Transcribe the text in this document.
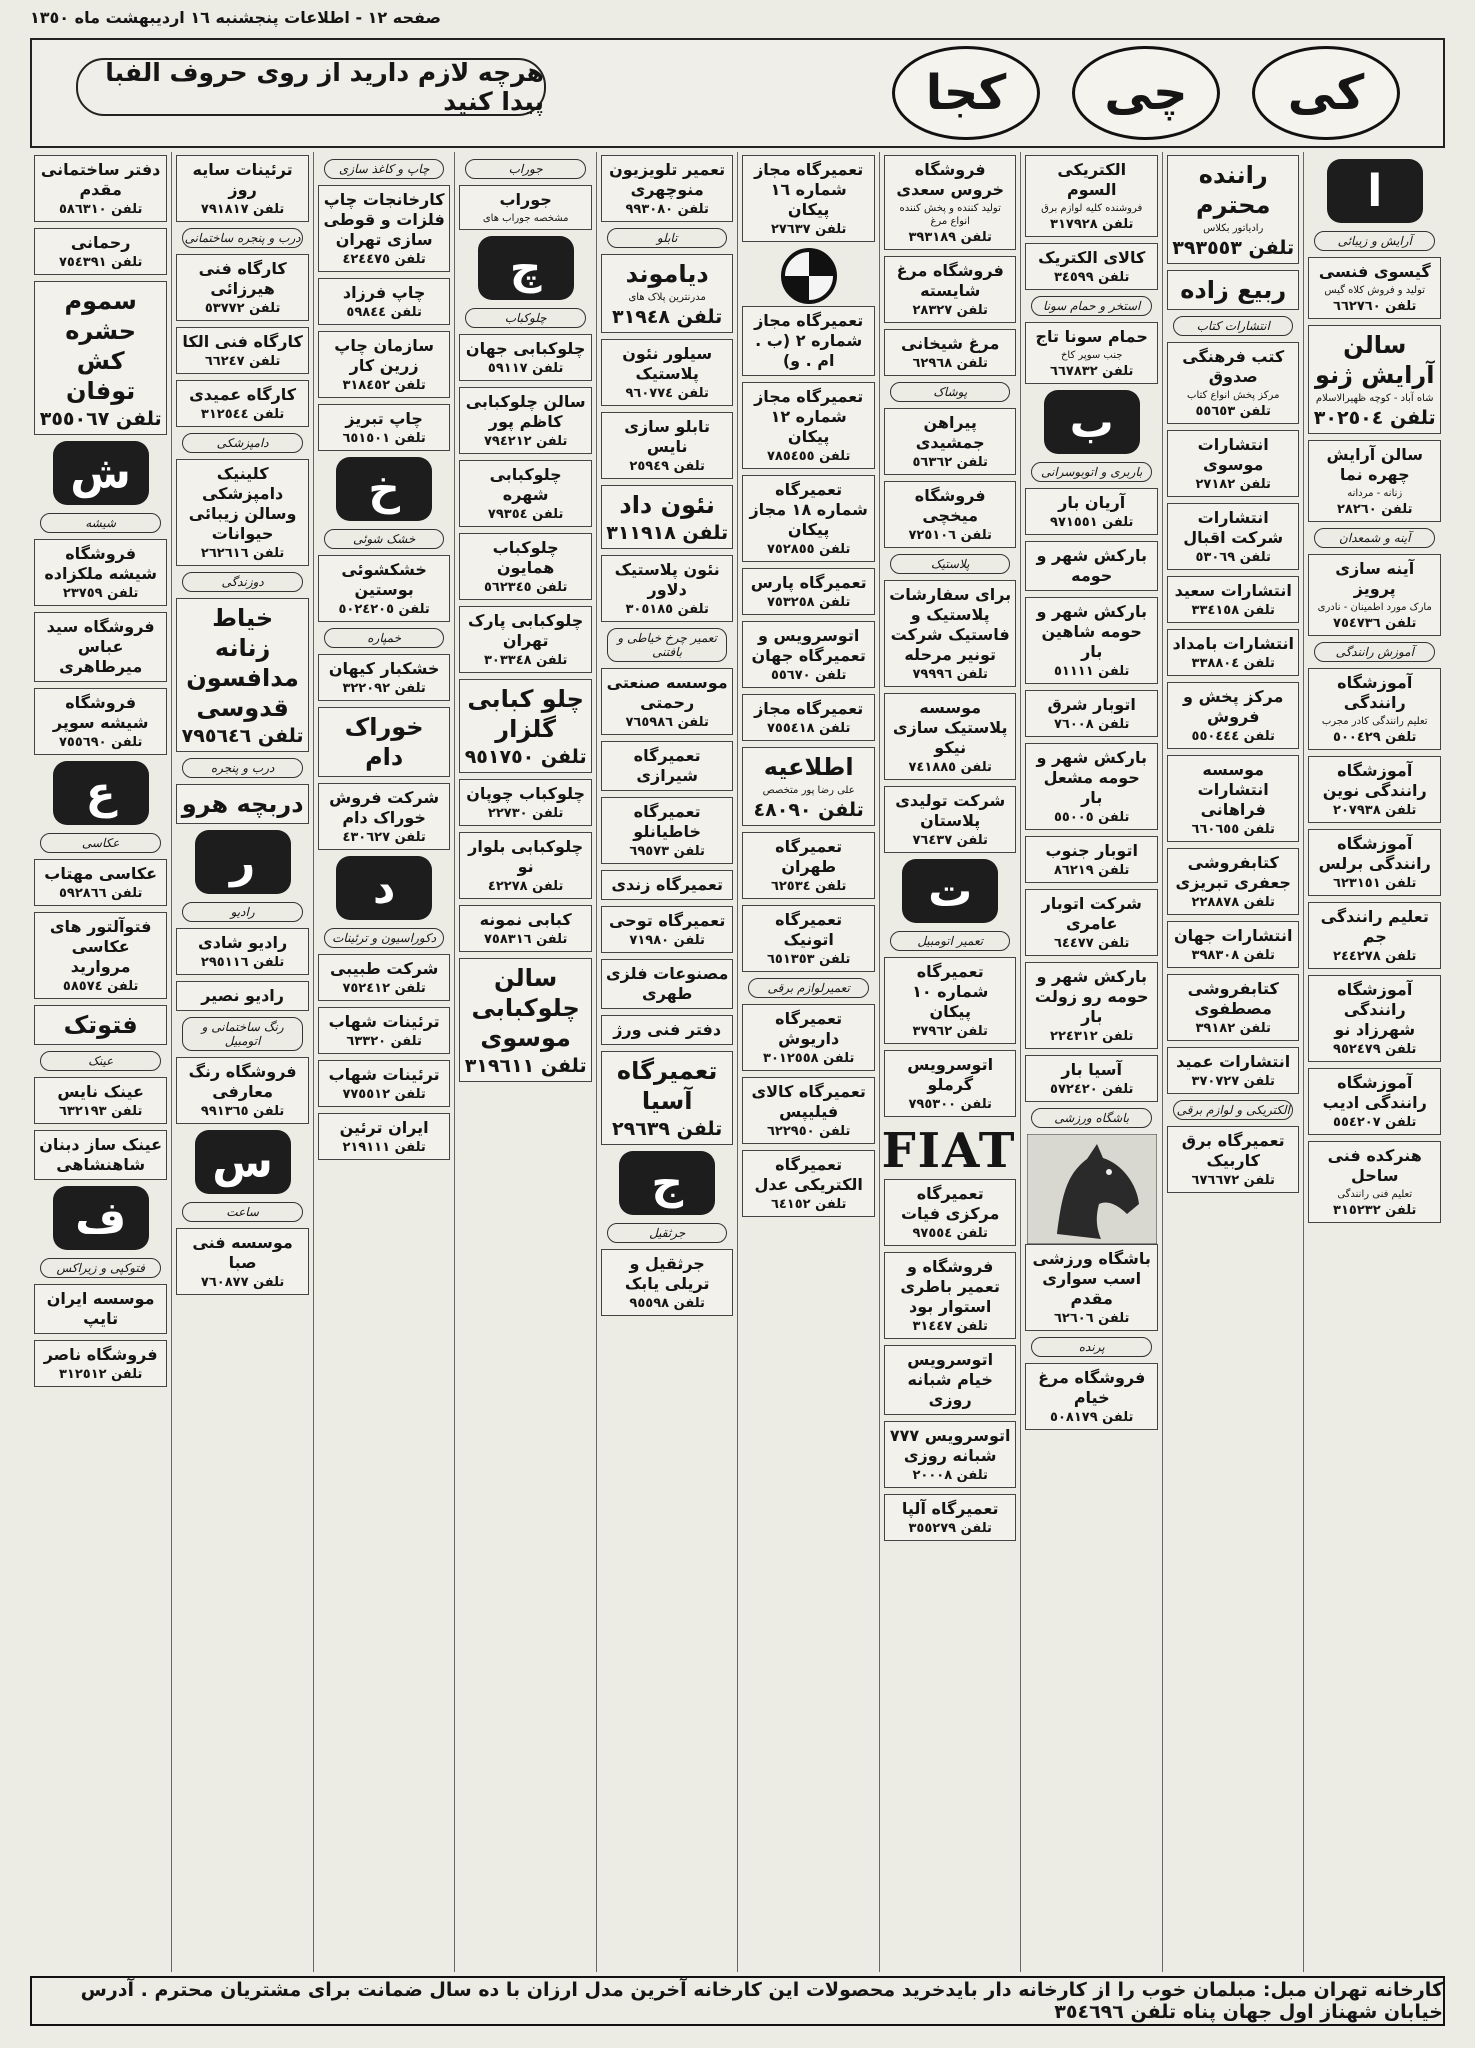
صفحه ١٢ - اطلاعات پنجشنبه ١٦ اردیبهشت ماه ١٣٥٠
کی
چی
کجا
هرچه لازم دارید از روی حروف الفبا پیدا کنید
ا
آرایش و زیبائی
گیسوی فنسی
تولید و فروش کلاه گیس
تلفن ٦٦٢٧٦٠
سالن آرایش ژنو
شاه آباد - کوچه ظهیرالاسلام
تلفن ٣٠٢٥٠٤
سالن آرایش چهره نما
زنانه - مردانه
تلفن ٢٨٢٦٠
آینه و شمعدان
آینه سازی پرویز
مارک مورد اطمینان - نادری
تلفن ٧٥٤٧٣٦
آموزش رانندگی
آموزشگاه رانندگی
تعلیم رانندگی کادر مجرب
تلفن ٥٠٠٤٢٩
آموزشگاه رانندگی نوین
تلفن ٢٠٧٩٣٨
آموزشگاه رانندگی برلس
تلفن ٦٢٣١٥١
تعلیم رانندگی جم
تلفن ٢٤٤٢٧٨
آموزشگاه رانندگی شهرزاد نو
تلفن ٩٥٢٤٧٩
آموزشگاه رانندگی ادیب
تلفن ٥٥٤٢٠٧
هنرکده فنی ساحل
تعلیم فنی رانندگی
تلفن ٣١٥٢٣٢
راننده محترم
رادیاتور بکلاس
تلفن ٣٩٣٥٥٣
ربیع زاده
انتشارات کتاب
کتب فرهنگی صدوق
مرکز پخش انواع کتاب
تلفن ٥٥٦٥٣
انتشارات موسوی
تلفن ٢٧١٨٢
انتشارات شرکت اقبال
تلفن ٥٣٠٦٩
انتشارات سعید
تلفن ٣٣٤١٥٨
انتشارات بامداد
تلفن ٣٣٨٨٠٤
مرکز پخش و فروش
تلفن ٥٥٠٤٤٤
موسسه انتشارات فراهانی
تلفن ٦٦٠٦٥٥
کتابفروشی جعفری تبریزی
تلفن ٢٢٨٨٧٨
انتشارات جهان
تلفن ٣٩٨٣٠٨
کتابفروشی مصطفوی
تلفن ٣٩١٨٢
انتشارات عمید
تلفن ٣٧٠٧٢٧
الکتریکی و لوازم برقی
تعمیرگاه برق کاربیک
تلفن ٦٧٦٦٧٢
الکتریکی السوم
فروشنده کلیه لوازم برق
تلفن ٣١٧٩٢٨
کالای الکتریک
تلفن ٣٤٥٩٩
استخر و حمام سونا
حمام سونا تاج
جنب سوپر کاخ
تلفن ٦٦٧٨٣٢
ب
باربری و اتوبوسرانی
آریان بار
تلفن ٩٧١٥٥١
بارکش شهر و حومه
بارکش شهر و حومه شاهین بار
تلفن ٥١١١١
اتوبار شرق
تلفن ٧٦٠٠٨
بارکش شهر و حومه مشعل بار
تلفن ٥٥٠٠٥
اتوبار جنوب
تلفن ٨٦٢١٩
شرکت اتوبار عامری
تلفن ٦٤٤٧٧
بارکش شهر و حومه رو زولت بار
تلفن ٢٢٤٣١٢
آسیا بار
تلفن ٥٧٢٤٢٠
باشگاه ورزشی
باشگاه ورزشی اسب سواری مقدم
تلفن ٦٢٦٠٦
پرنده
فروشگاه مرغ خیام
تلفن ٥٠٨١٧٩
فروشگاه خروس سعدی
تولید کننده و پخش کننده انواع مرغ
تلفن ٣٩٣١٨٩
فروشگاه مرغ شایسته
تلفن ٢٨٣٢٧
مرغ شیخانی
تلفن ٦٢٩٦٨
پوشاک
پیراهن جمشیدی
تلفن ٥٦٣٦٢
فروشگاه میخچی
تلفن ٧٢٥١٠٦
پلاستیک
برای سفارشات پلاستیک و فاستیک شرکت تونیر مرحله
تلفن ٧٩٩٩٦
موسسه پلاستیک سازی نیکو
تلفن ٧٤١٨٨٥
شرکت تولیدی پلاستان
تلفن ٧٦٤٣٧
ت
تعمیر اتومبیل
تعمیرگاه شماره ١٠ پیکان
تلفن ٣٧٩٦٢
اتوسرویس گرملو
تلفن ٧٩٥٣٠٠
FIAT
تعمیرگاه مرکزی فیات
تلفن ٩٧٥٥٤
فروشگاه و تعمیر باطری استوار بود
تلفن ٣١٤٤٧
اتوسرویس خیام شبانه روزی
اتوسرویس ٧٧٧ شبانه روزی
تلفن ٢٠٠٠٨
تعمیرگاه آلپا
تلفن ٣٥٥٢٧٩
تعمیرگاه مجاز شماره ١٦ پیکان
تلفن ٢٧٦٣٧
تعمیرگاه مجاز شماره ٢ (ب . ام . و)
تعمیرگاه مجاز شماره ١٢ پیکان
تلفن ٧٨٥٤٥٥
تعمیرگاه شماره ١٨ مجاز پیکان
تلفن ٧٥٢٨٥٥
تعمیرگاه پارس
تلفن ٧٥٣٢٥٨
اتوسرویس و تعمیرگاه جهان
تلفن ٥٥٦٧٠
تعمیرگاه مجاز
تلفن ٧٥٥٤١٨
اطلاعیه
علی رضا پور متخصص
تلفن ٤٨٠٩٠
تعمیرگاه طهران
تلفن ٦٢٥٣٤
تعمیرگاه اتونیک
تلفن ٦٥١٣٥٣
تعمیرلوازم برقی
تعمیرگاه داریوش
تلفن ٣٠١٢٥٥٨
تعمیرگاه کالای فیلیپس
تلفن ٦٢٢٩٥٠
تعمیرگاه الکتریکی عدل
تلفن ٦٤١٥٢
تعمیر تلویزیون منوچهری
تلفن ٩٩٣٠٨٠
تابلو
دیاموند
مدرنترین پلاک های
تلفن ٣١٩٤٨
سیلور نئون پلاستیک
تلفن ٩٦٠٧٧٤
تابلو سازی نایس
تلفن ٢٥٩٤٩
نئون داد
تلفن ٣١١٩١٨
نئون پلاستیک دلاور
تلفن ٣٠٥١٨٥
تعمیر چرخ خیاطی و بافتنی
موسسه صنعتی رحمتی
تلفن ٧٦٥٩٨٦
تعمیرگاه شیرازی
تعمیرگاه خاطیانلو
تلفن ٦٩٥٧٣
تعمیرگاه زندی
تعمیرگاه توحی
تلفن ٧١٩٨٠
مصنوعات فلزی طهری
دفتر فنی ورژ
تعمیرگاه آسیا
تلفن ٢٩٦٣٩
ج
جرثقیل
جرثقیل و تریلی یابک
تلفن ٩٥٥٩٨
جوراب
جوراب
مشخصه جوراب های
چ
چلوکباب
چلوکبابی جهان
تلفن ٥٩١١٧
سالن چلوکبابی کاظم پور
تلفن ٧٩٤٢١٢
چلوکبابی شهره
تلفن ٧٩٣٥٤
چلوکباب همایون
تلفن ٥٦٢٣٤٥
چلوکبابی پارک تهران
تلفن ٣٠٣٣٤٨
چلو کبابی گلزار
تلفن ٩٥١٧٥٠
چلوکباب چوپان
تلفن ٢٢٧٣٠
چلوکبابی بلوار نو
تلفن ٤٢٢٧٨
کبابی نمونه
تلفن ٧٥٨٣١٦
سالن چلوکبابی موسوی
تلفن ٣١٩٦١١
چاپ و کاغذ سازی
کارخانجات چاپ فلزات و قوطی سازی تهران
تلفن ٤٢٤٤٧٥
چاپ فرزاد
تلفن ٥٩٨٤٤
سازمان چاپ زرین کار
تلفن ٣١٨٤٥٢
چاپ تبریز
تلفن ٦٥١٥٠١
خ
خشک شوئی
خشکشوئی بوستین
تلفن ٥٠٢٤٢٠٥
خمپاره
خشکبار کیهان
تلفن ٣٢٢٠٩٢
خوراک دام
شرکت فروش خوراک دام
تلفن ٤٣٠٦٢٧
د
دکوراسیون و ترئینات
شرکت طبیبی
تلفن ٧٥٢٤١٢
ترئینات شهاب
تلفن ٦٣٣٢٠
ترئینات شهاب
تلفن ٧٧٥٥١٢
ایران ترئین
تلفن ٢١٩١١١
ترئینات سایه روز
تلفن ٧٩١٨١٧
درب و پنجره ساختمانی
کارگاه فنی هیرزائی
تلفن ٥٣٧٧٢
کارگاه فنی الکا
تلفن ٦٦٢٤٧
کارگاه عمیدی
تلفن ٣١٢٥٤٤
دامپزشکی
کلینیک دامپزشکی وسالن زیبائی حیوانات
تلفن ٢٦٢٦١٦
دوزندگی
خیاط زنانه مدافسون قدوسی
تلفن ٧٩٥٦٤٦
درب و پنجره
دربچه هرو
ر
رادیو
رادیو شادی
تلفن ٢٩٥١١٦
رادیو نصیر
رنگ ساختمانی و اتومبیل
فروشگاه رنگ معارفی
تلفن ٩٩١٣٦٥
س
ساعت
موسسه فنی صبا
تلفن ٧٦٠٨٧٧
دفتر ساختمانی مقدم
تلفن ٥٨٦٣١٠
رحمانی
تلفن ٧٥٤٣٩١
سموم حشره کش توفان
تلفن ٣٥٥٠٦٧
ش
شیشه
فروشگاه شیشه ملکزاده
تلفن ٢٣٧٥٩
فروشگاه سید عباس میرطاهری
فروشگاه شیشه سوپر
تلفن ٧٥٥٦٩٠
ع
عکاسی
عکاسی مهتاب
تلفن ٥٩٢٨٦٦
فتوآلتور های عکاسی مروارید
تلفن ٥٨٥٧٤
فتوتک
عینک
عینک نایس
تلفن ٦٣٢١٩٣
عینک ساز دبنان شاهنشاهی
ف
فتوکپی و زیراکس
موسسه ایران تایپ
فروشگاه ناصر
تلفن ٣١٢٥١٢
کارخانه تهران مبل: مبلمان خوب را از کارخانه دار بایدخرید محصولات این کارخانه آخرین مدل ارزان با ده سال ضمانت برای مشتریان محترم . آدرس خیابان شهناز اول جهان پناه تلفن ٣٥٤٦٩٦
